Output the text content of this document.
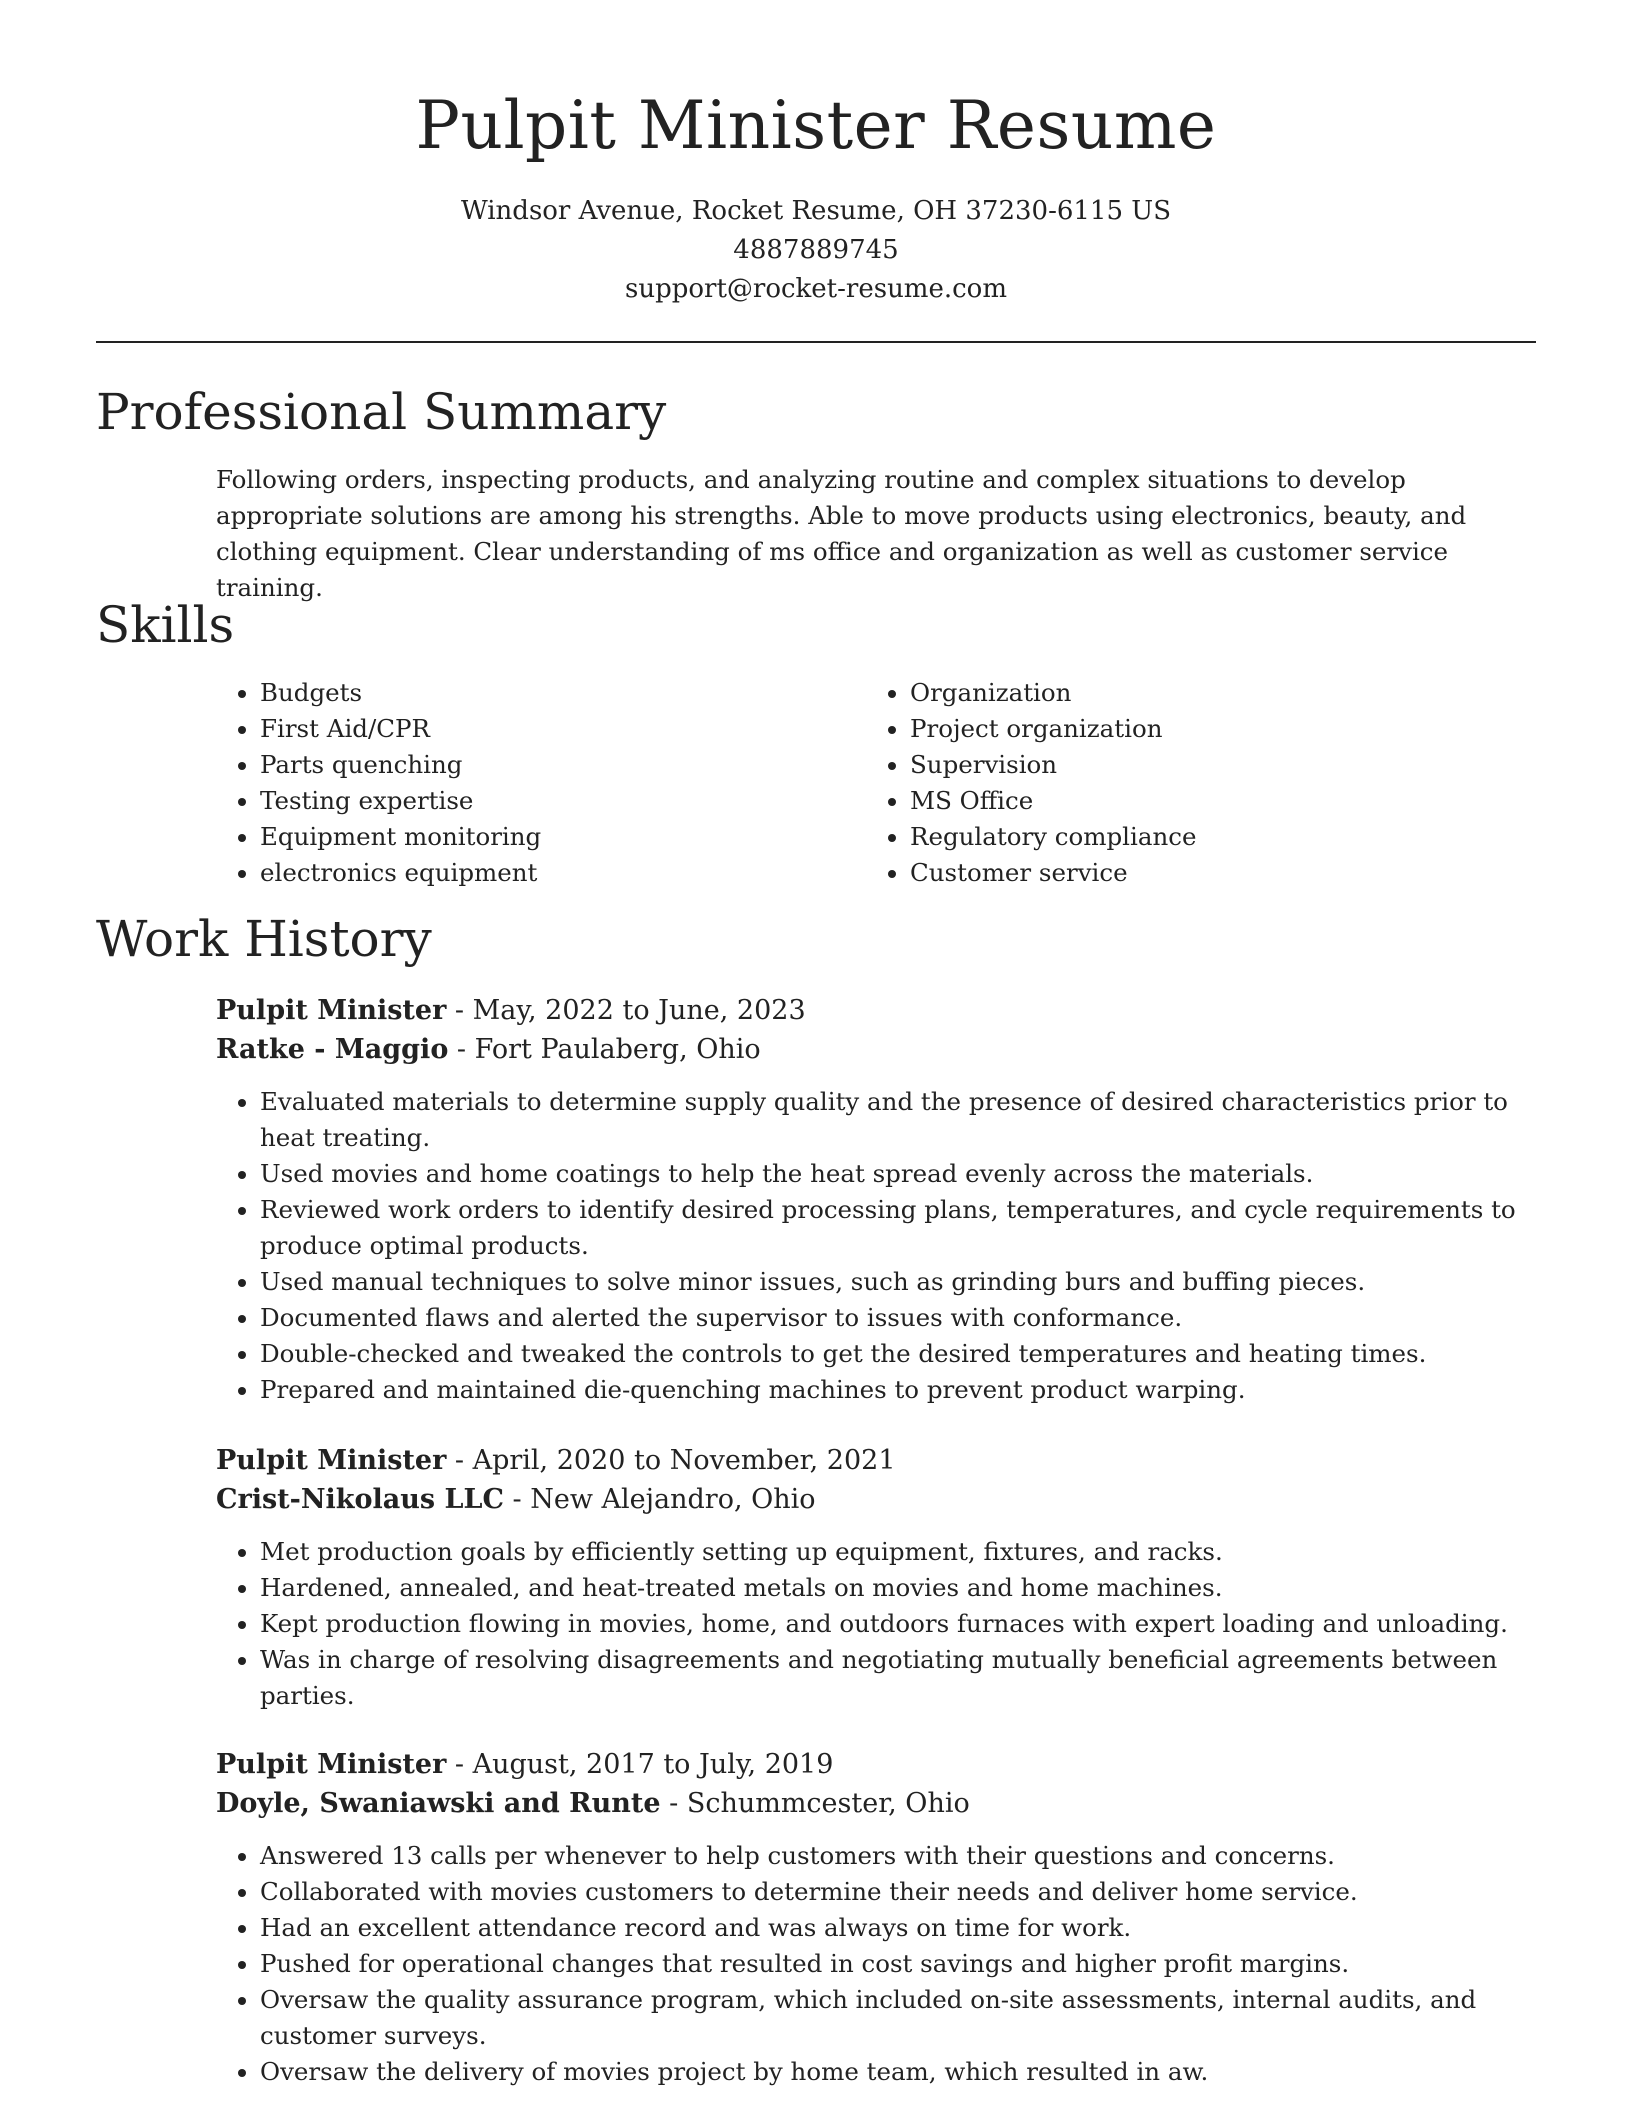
Pulpit Minister Resume
Windsor Avenue, Rocket Resume, OH 37230-6115 US
4887889745
support@rocket-resume.com
Professional Summary

Following orders, inspecting products, and analyzing routine and complex situations to develop appropriate solutions are among his strengths. Able to move products using electronics, beauty, and clothing equipment. Clear understanding of ms office and organization as well as customer service training.

Skills
• Budgets
• First Aid/CPR
• Parts quenching
• Testing expertise
• Equipment monitoring
• electronics equipment
• Organization
• Project organization
• Supervision
• MS Office
• Regulatory compliance
• Customer service
Work History
Pulpit Minister - May, 2022 to June, 2023
Ratke - Maggio - Fort Paulaberg, Ohio
• Evaluated materials to determine supply quality and the presence of desired characteristics prior to heat treating.
• Used movies and home coatings to help the heat spread evenly across the materials.
• Reviewed work orders to identify desired processing plans, temperatures, and cycle requirements to produce optimal products.
• Used manual techniques to solve minor issues, such as grinding burs and buffing pieces.
• Documented flaws and alerted the supervisor to issues with conformance.
• Double-checked and tweaked the controls to get the desired temperatures and heating times.
• Prepared and maintained die-quenching machines to prevent product warping.
Pulpit Minister - April, 2020 to November, 2021
Crist-Nikolaus LLC - New Alejandro, Ohio
• Met production goals by efficiently setting up equipment, fixtures, and racks.
• Hardened, annealed, and heat-treated metals on movies and home machines.
• Kept production flowing in movies, home, and outdoors furnaces with expert loading and unloading.
• Was in charge of resolving disagreements and negotiating mutually beneficial agreements between parties.
Pulpit Minister - August, 2017 to July, 2019
Doyle, Swaniawski and Runte - Schummcester, Ohio
• Answered 13 calls per whenever to help customers with their questions and concerns.
• Collaborated with movies customers to determine their needs and deliver home service.
• Had an excellent attendance record and was always on time for work.
• Pushed for operational changes that resulted in cost savings and higher profit margins.
• Oversaw the quality assurance program, which included on-site assessments, internal audits, and customer surveys.
• Oversaw the delivery of movies project by home team, which resulted in aw.
